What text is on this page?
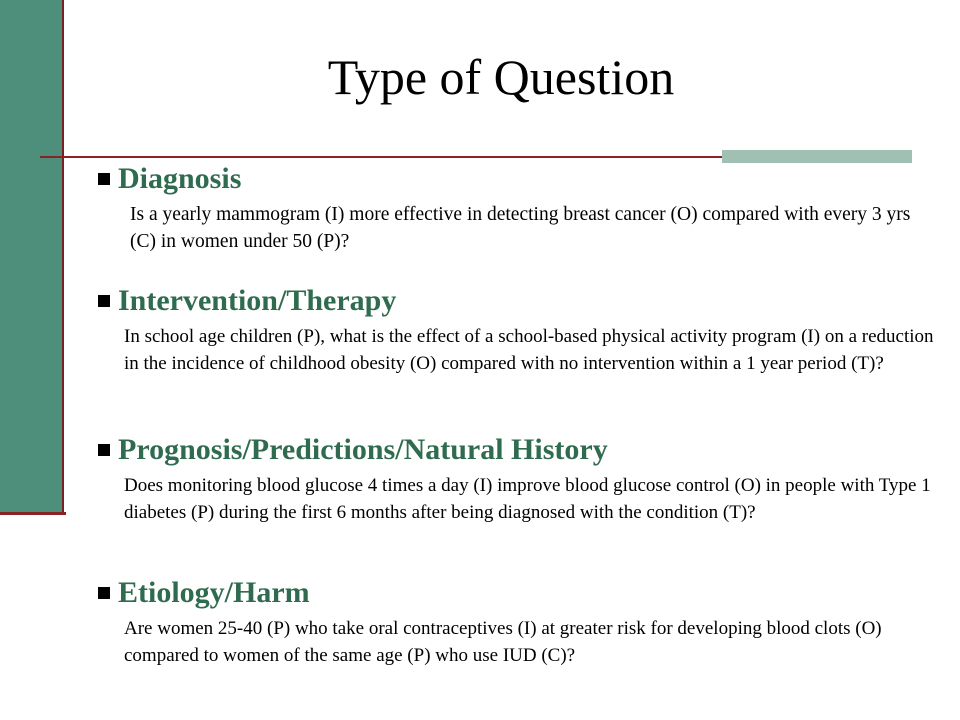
Type of Question
Diagnosis
Is a yearly mammogram (I) more effective in detecting breast cancer (O) compared with every 3 yrs (C) in women under 50 (P)?
Intervention/Therapy
In school age children (P), what is the effect of a school-based physical activity program (I) on a reduction in the incidence of childhood obesity (O) compared with no intervention within a 1 year period (T)?
Prognosis/Predictions/Natural History
Does monitoring blood glucose 4 times a day (I) improve blood glucose control (O) in people with Type 1 diabetes (P) during the first 6 months after being diagnosed with the condition (T)?
Etiology/Harm
Are women 25-40 (P) who take oral contraceptives (I) at greater risk for developing blood clots (O) compared to women of the same age (P) who use IUD (C)?
